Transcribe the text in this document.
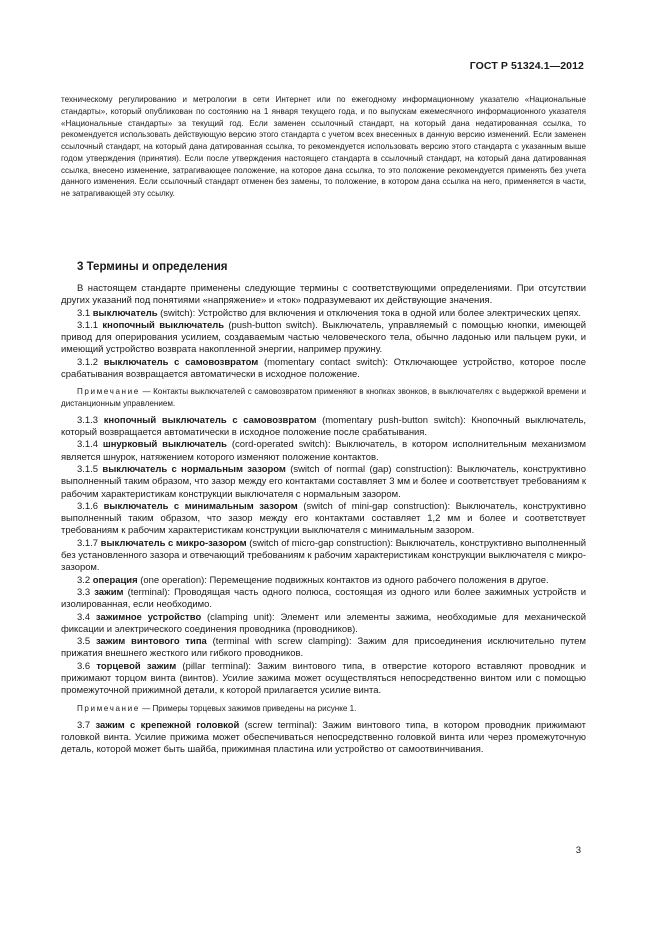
ГОСТ Р 51324.1—2012
техническому регулированию и метрологии в сети Интернет или по ежегодному информационному указателю «Национальные стандарты», который опубликован по состоянию на 1 января текущего года, и по выпускам ежемесячного информационного указателя «Национальные стандарты» за текущий год. Если заменен ссылочный стандарт, на который дана недатированная ссылка, то рекомендуется использовать действующую версию этого стандарта с учетом всех внесенных в данную версию изменений. Если заменен ссылочный стандарт, на который дана датированная ссылка, то рекомендуется использовать версию этого стандарта с указанным выше годом утверждения (принятия). Если после утверждения настоящего стандарта в ссылочный стандарт, на который дана датированная ссылка, внесено изменение, затрагивающее положение, на которое дана ссылка, то это положение рекомендуется применять без учета данного изменения. Если ссылочный стандарт отменен без замены, то положение, в котором дана ссылка на него, применяется в части, не затрагивающей эту ссылку.
3 Термины и определения

В настоящем стандарте применены следующие термины с соответствующими определениями. При отсутствии других указаний под понятиями «напряжение» и «ток» подразумевают их действующие значения.

3.1 выключатель (switch): Устройство для включения и отключения тока в одной или более электрических цепях.

3.1.1 кнопочный выключатель (push-button switch). Выключатель, управляемый с помощью кнопки, имеющей привод для оперирования усилием, создаваемым частью человеческого тела, обычно ладонью или пальцем руки, и имеющий устройство возврата накопленной энергии, например пружину.

3.1.2 выключатель с самовозвратом (momentary contact switch): Отключающее устройство, которое после срабатывания возвращается автоматически в исходное положение.

Примечание — Контакты выключателей с самовозвратом применяют в кнопках звонков, в выключателях с выдержкой времени и дистанционным управлением.

3.1.3 кнопочный выключатель с самовозвратом (momentary push-button switch): Кнопочный выключатель, который возвращается автоматически в исходное положение после срабатывания.

3.1.4 шнурковый выключатель (cord-operated switch): Выключатель, в котором исполнительным механизмом является шнурок, натяжением которого изменяют положение контактов.

3.1.5 выключатель с нормальным зазором (switch of normal (gap) construction): Выключатель, конструктивно выполненный таким образом, что зазор между его контактами составляет 3 мм и более и соответствует требованиям к рабочим характеристикам конструкции выключателя с нормальным зазором.

3.1.6 выключатель с минимальным зазором (switch of mini-gap construction): Выключатель, конструктивно выполненный таким образом, что зазор между его контактами составляет 1,2 мм и более и соответствует требованиям к рабочим характеристикам конструкции выключателя с минимальным зазором.

3.1.7 выключатель с микро-зазором (switch of micro-gap construction): Выключатель, конструктивно выполненный без установленного зазора и отвечающий требованиям к рабочим характеристикам конструкции выключателя с микро-зазором.

3.2 операция (one operation): Перемещение подвижных контактов из одного рабочего положения в другое.

3.3 зажим (terminal): Проводящая часть одного полюса, состоящая из одного или более зажимных устройств и изолированная, если необходимо.

3.4 зажимное устройство (clamping unit): Элемент или элементы зажима, необходимые для механической фиксации и электрического соединения проводника (проводников).

3.5 зажим винтового типа (terminal with screw clamping): Зажим для присоединения исключительно путем прижатия внешнего жесткого или гибкого проводников.

3.6 торцевой зажим (pillar terminal): Зажим винтового типа, в отверстие которого вставляют проводник и прижимают торцом винта (винтов). Усилие зажима может осуществляться непосредственно винтом или с помощью промежуточной прижимной детали, к которой прилагается усилие винта.

Примечание — Примеры торцевых зажимов приведены на рисунке 1.

3.7 зажим с крепежной головкой (screw terminal): Зажим винтового типа, в котором проводник прижимают головкой винта. Усилие прижима может обеспечиваться непосредственно головкой винта или через промежуточную деталь, которой может быть шайба, прижимная пластина или устройство от самоотвинчивания.

3
